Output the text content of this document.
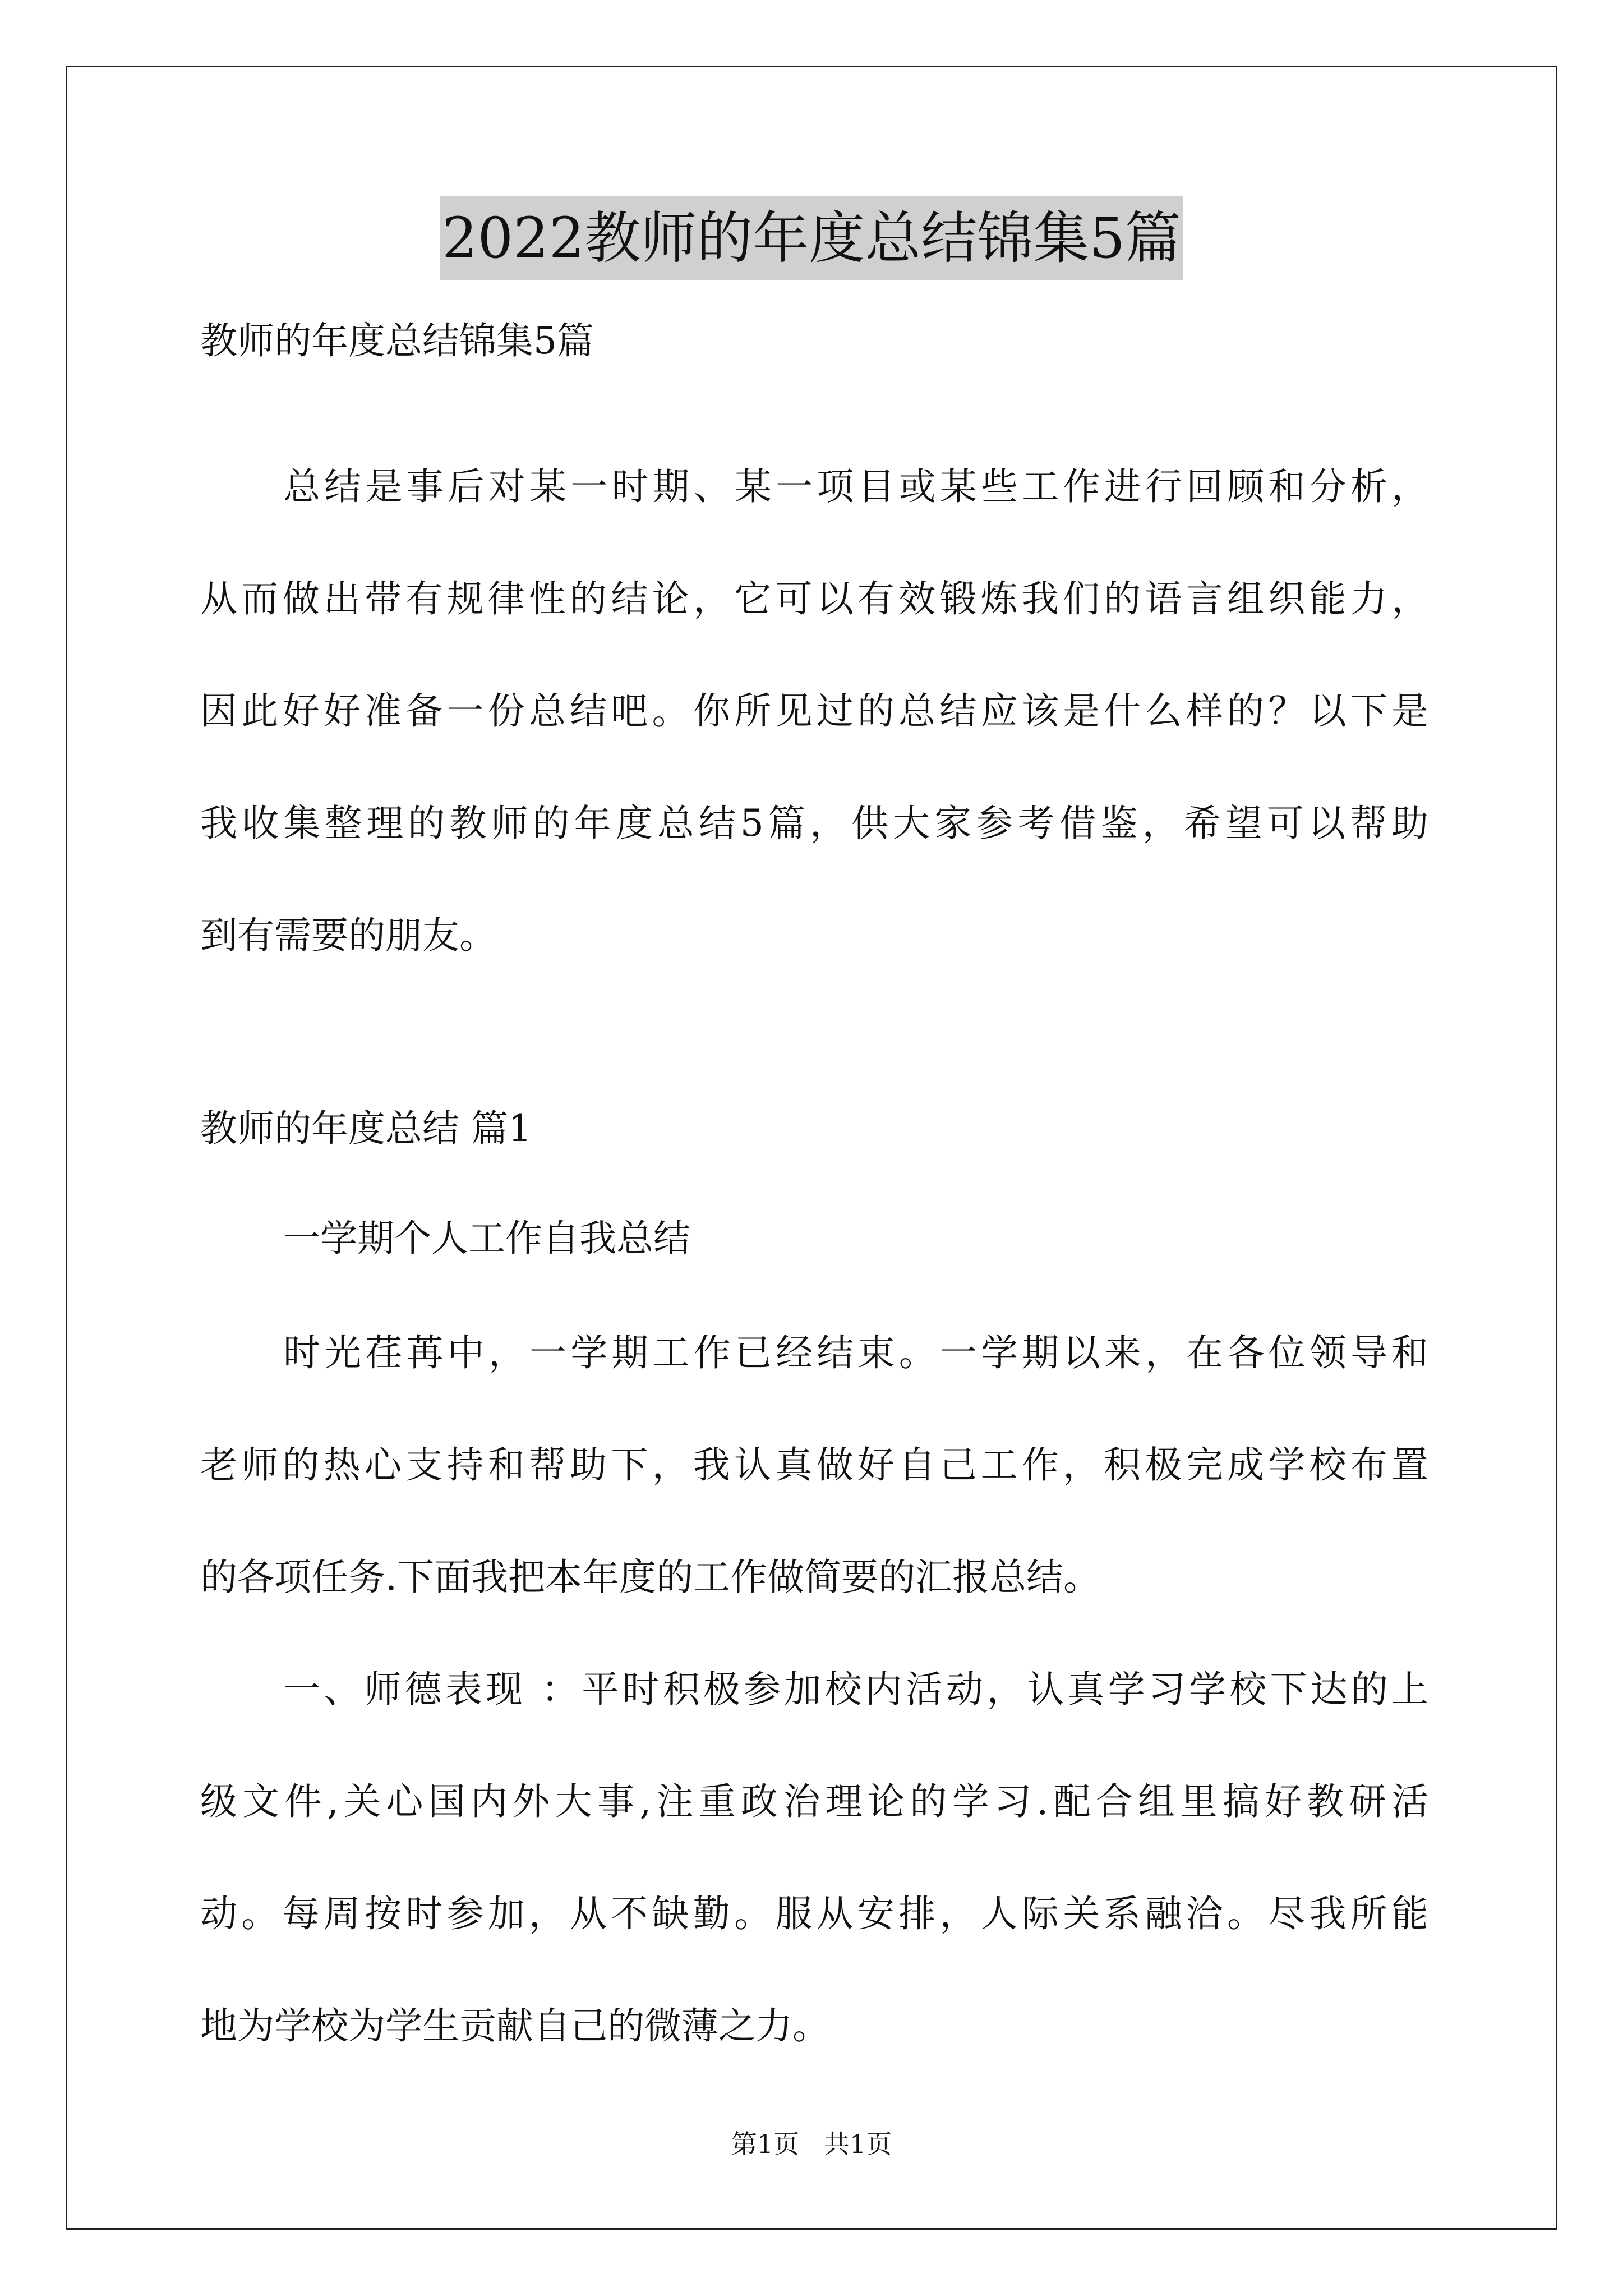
2022教师的年度总结锦集5篇

教师的年度总结锦集5篇

总结是事后对某一时期、某一项目或某些工作进行回顾和分析，

从而做出带有规律性的结论，它可以有效锻炼我们的语言组织能力，

因此好好准备一份总结吧。你所见过的总结应该是什么样的？以下是

我收集整理的教师的年度总结5篇，供大家参考借鉴，希望可以帮助

到有需要的朋友。

教师的年度总结 篇1

一学期个人工作自我总结

时光荏苒中，一学期工作已经结束。一学期以来，在各位领导和

老师的热心支持和帮助下，我认真做好自己工作，积极完成学校布置

的各项任务.下面我把本年度的工作做简要的汇报总结。

一、师德表现 ：平时积极参加校内活动，认真学习学校下达的上

级文件,关心国内外大事,注重政治理论的学习.配合组里搞好教研活

动。每周按时参加，从不缺勤。服从安排，人际关系融洽。尽我所能

地为学校为学生贡献自己的微薄之力。

第1页   共1页
